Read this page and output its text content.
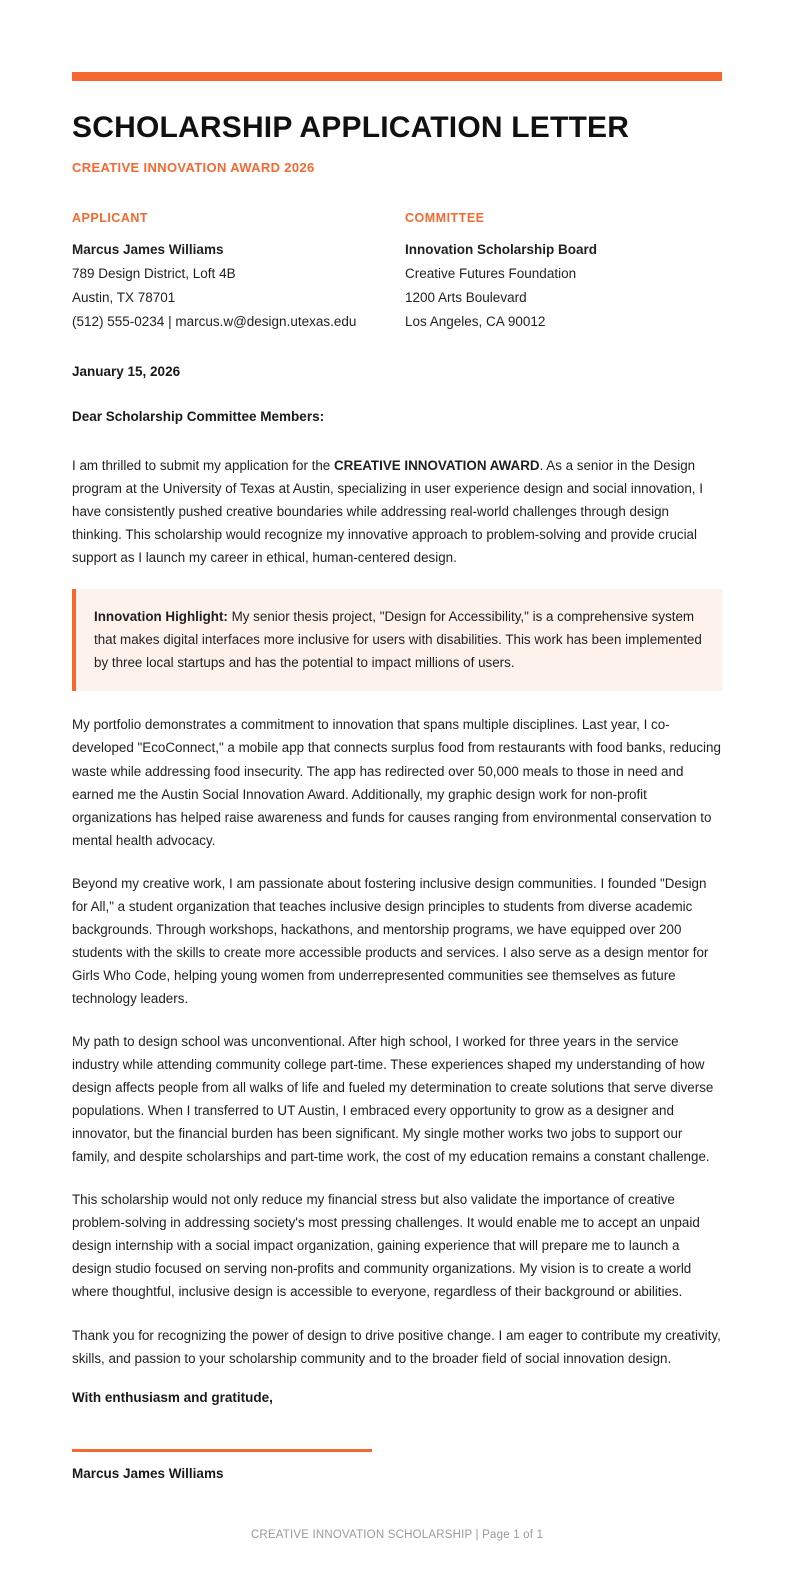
SCHOLARSHIP APPLICATION LETTER
CREATIVE INNOVATION AWARD 2026
APPLICANT
Marcus James Williams
789 Design District, Loft 4B
Austin, TX 78701
(512) 555-0234 | marcus.w@design.utexas.edu
COMMITTEE
Innovation Scholarship Board
Creative Futures Foundation
1200 Arts Boulevard
Los Angeles, CA 90012
January 15, 2026
Dear Scholarship Committee Members:

I am thrilled to submit my application for the CREATIVE INNOVATION AWARD. As a senior in the Design program at the University of Texas at Austin, specializing in user experience design and social innovation, I have consistently pushed creative boundaries while addressing real-world challenges through design thinking. This scholarship would recognize my innovative approach to problem-solving and provide crucial support as I launch my career in ethical, human-centered design.

Innovation Highlight: My senior thesis project, "Design for Accessibility," is a comprehensive system that makes digital interfaces more inclusive for users with disabilities. This work has been implemented by three local startups and has the potential to impact millions of users.

My portfolio demonstrates a commitment to innovation that spans multiple disciplines. Last year, I co-developed "EcoConnect," a mobile app that connects surplus food from restaurants with food banks, reducing waste while addressing food insecurity. The app has redirected over 50,000 meals to those in need and earned me the Austin Social Innovation Award. Additionally, my graphic design work for non-profit organizations has helped raise awareness and funds for causes ranging from environmental conservation to mental health advocacy.

Beyond my creative work, I am passionate about fostering inclusive design communities. I founded "Design for All," a student organization that teaches inclusive design principles to students from diverse academic backgrounds. Through workshops, hackathons, and mentorship programs, we have equipped over 200 students with the skills to create more accessible products and services. I also serve as a design mentor for Girls Who Code, helping young women from underrepresented communities see themselves as future technology leaders.

My path to design school was unconventional. After high school, I worked for three years in the service industry while attending community college part-time. These experiences shaped my understanding of how design affects people from all walks of life and fueled my determination to create solutions that serve diverse populations. When I transferred to UT Austin, I embraced every opportunity to grow as a designer and innovator, but the financial burden has been significant. My single mother works two jobs to support our family, and despite scholarships and part-time work, the cost of my education remains a constant challenge.

This scholarship would not only reduce my financial stress but also validate the importance of creative problem-solving in addressing society's most pressing challenges. It would enable me to accept an unpaid design internship with a social impact organization, gaining experience that will prepare me to launch a design studio focused on serving non-profits and community organizations. My vision is to create a world where thoughtful, inclusive design is accessible to everyone, regardless of their background or abilities.

Thank you for recognizing the power of design to drive positive change. I am eager to contribute my creativity, skills, and passion to your scholarship community and to the broader field of social innovation design.

With enthusiasm and gratitude,
Marcus James Williams
CREATIVE INNOVATION SCHOLARSHIP | Page 1 of 1
